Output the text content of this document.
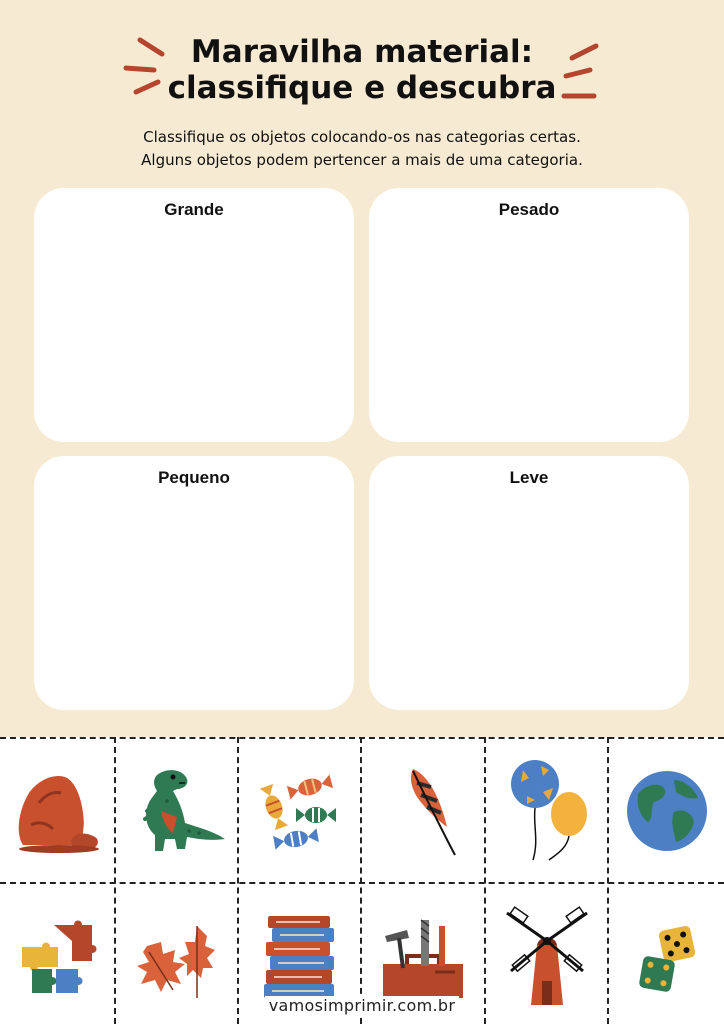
Maravilha material:
classifique e descubra

Classifique os objetos colocando-os nas categorias certas.

Alguns objetos podem pertencer a mais de uma categoria.

Grande	Pesado
Pequeno	Leve
vamosimprimir.com.br
